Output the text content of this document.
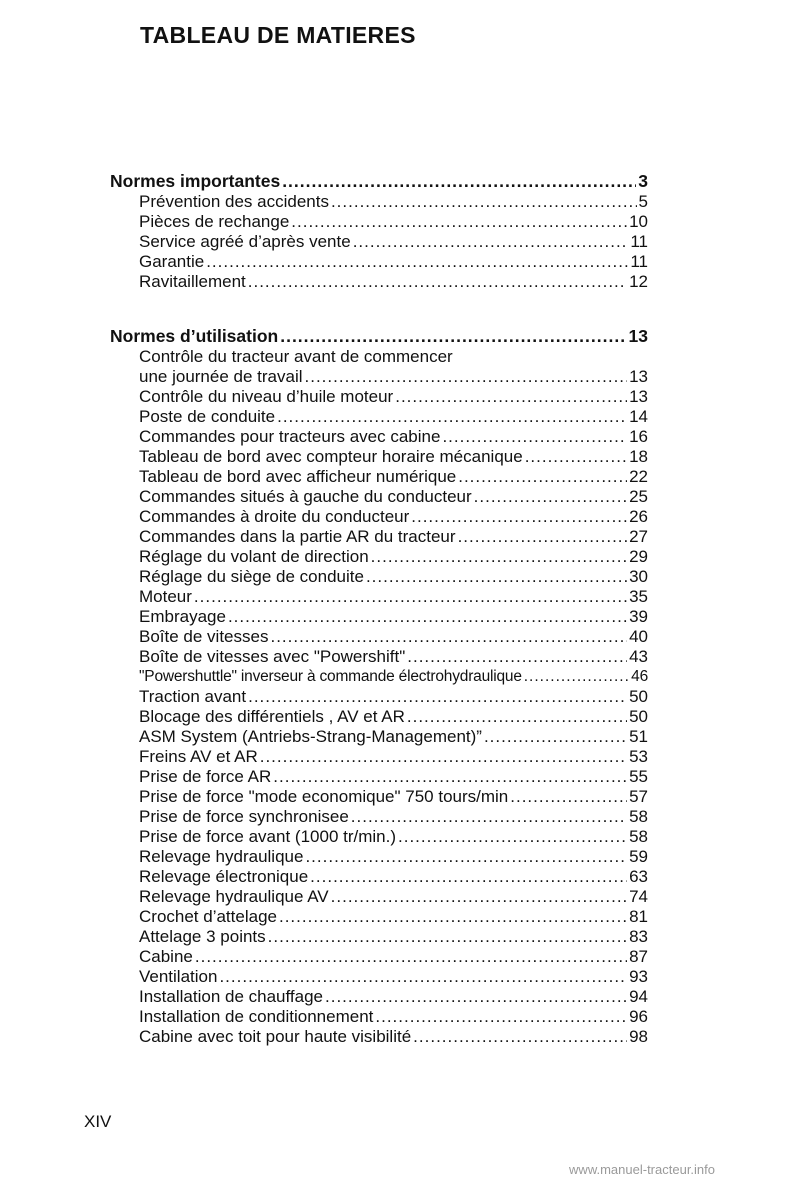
TABLEAU DE MATIERES
Normes importantes .....	3
Prévention des accidents .....	5
Pièces de rechange .....	10
Service agréé d’après vente .....	11
Garantie .....	11
Ravitaillement .....	12
Normes d’utilisation .....	13
Contrôle du tracteur avant de commencer
une journée de travail .....	13
Contrôle du niveau d’huile moteur .....	13
Poste de conduite .....	14
Commandes pour tracteurs avec cabine .....	16
Tableau de bord avec compteur horaire mécanique .....	18
Tableau de bord avec afficheur numérique .....	22
Commandes situés à gauche du conducteur .....	25
Commandes à droite du conducteur .....	26
Commandes dans la partie AR du tracteur .....	27
Réglage du volant de direction .....	29
Réglage du siège de conduite .....	30
Moteur .....	35
Embrayage .....	39
Boîte de vitesses .....	40
Boîte de vitesses avec "Powershift" .....	43
"Powershuttle" inverseur à commande électrohydraulique .....	46
Traction avant .....	50
Blocage des différentiels , AV et AR .....	50
ASM System (Antriebs-Strang-Management)” .....	51
Freins AV et AR .....	53
Prise de force AR .....	55
Prise de force "mode economique" 750 tours/min .....	57
Prise de force synchronisee .....	58
Prise de force avant (1000 tr/min.) .....	58
Relevage hydraulique .....	59
Relevage électronique .....	63
Relevage hydraulique AV .....	74
Crochet d’attelage .....	81
Attelage 3 points .....	83
Cabine .....	87
Ventilation .....	93
Installation de chauffage .....	94
Installation de conditionnement .....	96
Cabine avec toit pour haute visibilité .....	98
XIV
www.manuel-tracteur.info
